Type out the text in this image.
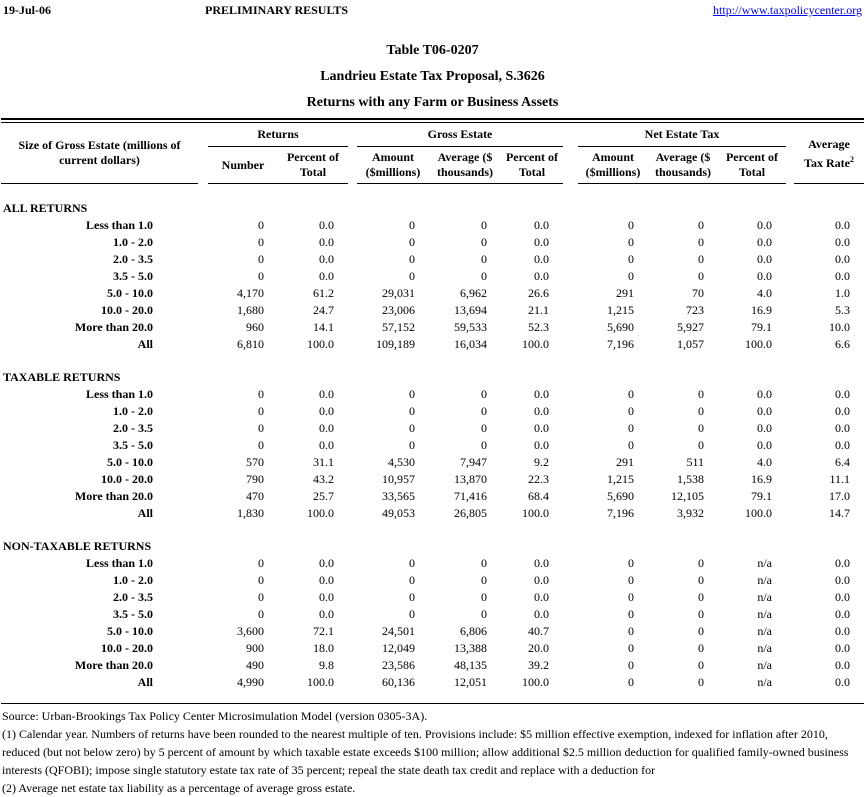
19-Jul-06	PRELIMINARY RESULTS	http://www.taxpolicycenter.org
Table T06-0207
Landrieu Estate Tax Proposal, S.3626
Returns with any Farm or Business Assets
Size of Gross Estate (millions of current dollars)		Returns			Gross Estate				Net Estate Tax				Average
Tax Rate$^2$
		Number	Percent of Total		Amount ($millions)	Average ($ thousands)	Percent of Total		Amount ($millions)	Average ($ thousands)	Percent of Total		

ALL RETURNS													
Less than 1.0		0	0.0		0	0	0.0		0	0	0.0		0.0
1.0 - 2.0		0	0.0		0	0	0.0		0	0	0.0		0.0
2.0 - 3.5		0	0.0		0	0	0.0		0	0	0.0		0.0
3.5 - 5.0		0	0.0		0	0	0.0		0	0	0.0		0.0
5.0 - 10.0		4,170	61.2		29,031	6,962	26.6		291	70	4.0		1.0
10.0 - 20.0		1,680	24.7		23,006	13,694	21.1		1,215	723	16.9		5.3
More than 20.0		960	14.1		57,152	59,533	52.3		5,690	5,927	79.1		10.0
All		6,810	100.0		109,189	16,034	100.0		7,196	1,057	100.0		6.6

TAXABLE RETURNS													
Less than 1.0		0	0.0		0	0	0.0		0	0	0.0		0.0
1.0 - 2.0		0	0.0		0	0	0.0		0	0	0.0		0.0
2.0 - 3.5		0	0.0		0	0	0.0		0	0	0.0		0.0
3.5 - 5.0		0	0.0		0	0	0.0		0	0	0.0		0.0
5.0 - 10.0		570	31.1		4,530	7,947	9.2		291	511	4.0		6.4
10.0 - 20.0		790	43.2		10,957	13,870	22.3		1,215	1,538	16.9		11.1
More than 20.0		470	25.7		33,565	71,416	68.4		5,690	12,105	79.1		17.0
All		1,830	100.0		49,053	26,805	100.0		7,196	3,932	100.0		14.7

NON-TAXABLE RETURNS													
Less than 1.0		0	0.0		0	0	0.0		0	0	n/a		0.0
1.0 - 2.0		0	0.0		0	0	0.0		0	0	n/a		0.0
2.0 - 3.5		0	0.0		0	0	0.0		0	0	n/a		0.0
3.5 - 5.0		0	0.0		0	0	0.0		0	0	n/a		0.0
5.0 - 10.0		3,600	72.1		24,501	6,806	40.7		0	0	n/a		0.0
10.0 - 20.0		900	18.0		12,049	13,388	20.0		0	0	n/a		0.0
More than 20.0		490	9.8		23,586	48,135	39.2		0	0	n/a		0.0
All		4,990	100.0		60,136	12,051	100.0		0	0	n/a		0.0

Source: Urban-Brookings Tax Policy Center Microsimulation Model (version 0305-3A).

(1) Calendar year. Numbers of returns have been rounded to the nearest multiple of ten. Provisions include: $5 million effective exemption, indexed for inflation after 2010, reduced (but not below zero) by 5 percent of amount by which taxable estate exceeds $100 million; allow additional $2.5 million deduction for qualified family-owned business interests (QFOBI); impose single statutory estate tax rate of 35 percent; repeal the state death tax credit and replace with a deduction for

(2) Average net estate tax liability as a percentage of average gross estate.
